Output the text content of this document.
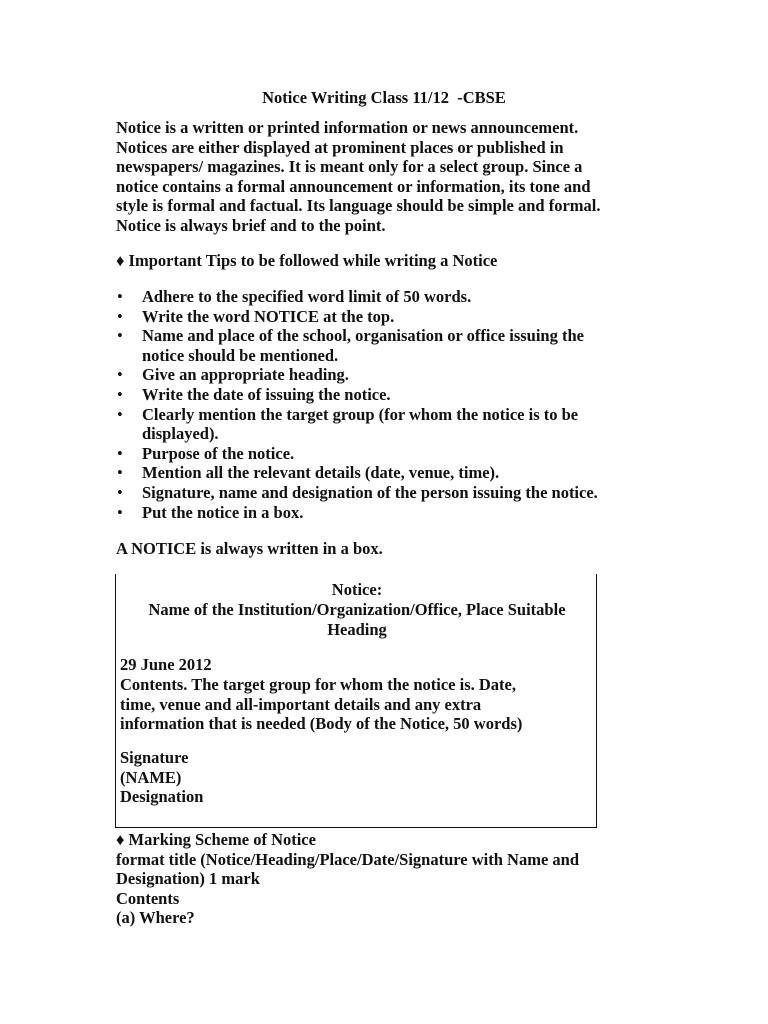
Notice Writing Class 11/12  -CBSE
Notice is a written or printed information or news announcement.
Notices are either displayed at prominent places or published in
newspapers/ magazines. It is meant only for a select group. Since a
notice contains a formal announcement or information, its tone and
style is formal and factual. Its language should be simple and formal.
Notice is always brief and to the point.
♦ Important Tips to be followed while writing a Notice
• Adhere to the specified word limit of 50 words.
• Write the word NOTICE at the top.
• Name and place of the school, organisation or office issuing the
notice should be mentioned.
• Give an appropriate heading.
• Write the date of issuing the notice.
• Clearly mention the target group (for whom the notice is to be
displayed).
• Purpose of the notice.
• Mention all the relevant details (date, venue, time).
• Signature, name and designation of the person issuing the notice.
• Put the notice in a box.
A NOTICE is always written in a box.
Notice:
Name of the Institution/Organization/Office, Place Suitable
Heading
29 June 2012
Contents. The target group for whom the notice is. Date,
time, venue and all-important details and any extra
information that is needed (Body of the Notice, 50 words)
Signature
(NAME)
Designation
♦ Marking Scheme of Notice
format title (Notice/Heading/Place/Date/Signature with Name and
Designation) 1 mark
Contents
(a) Where?
